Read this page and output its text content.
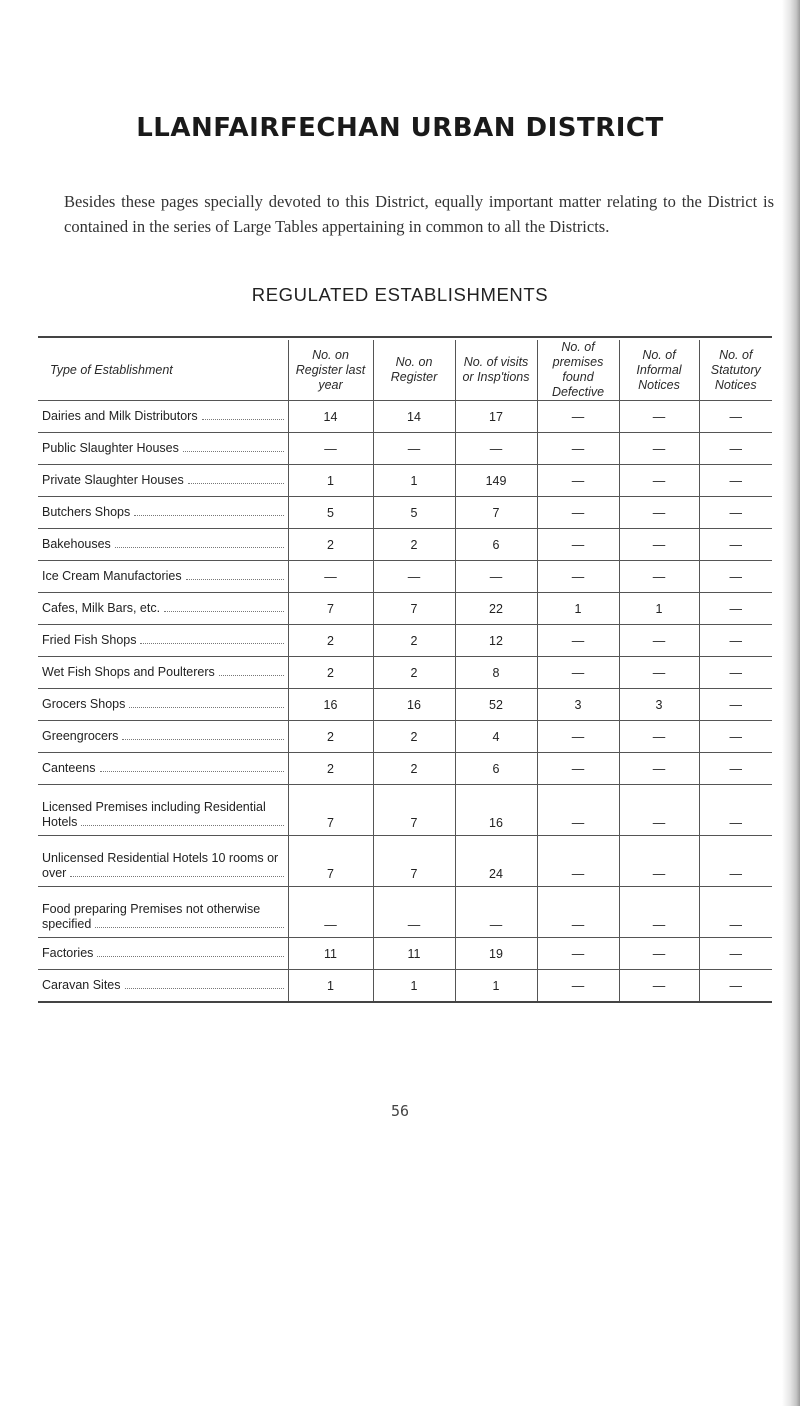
LLANFAIRFECHAN URBAN DISTRICT

Besides these pages specially devoted to this District, equally important matter relating to the District is contained in the series of Large Tables appertaining in common to all the Districts.

REGULATED ESTABLISHMENTS
Type of Establishment	No. on Register last year	No. on Register	No. of visits or Insp'tions	No. of premises found Defective	No. of Informal Notices	No. of Statutory Notices
Dairies and Milk Distributors	14	14	17	—	—	—
Public Slaughter Houses	—	—	—	—	—	—
Private Slaughter Houses	1	1	149	—	—	—
Butchers Shops	5	5	7	—	—	—
Bakehouses	2	2	6	—	—	—
Ice Cream Manufactories	—	—	—	—	—	—
Cafes, Milk Bars, etc.	7	7	22	1	1	—
Fried Fish Shops	2	2	12	—	—	—
Wet Fish Shops and Poulterers	2	2	8	—	—	—
Grocers Shops	16	16	52	3	3	—
Greengrocers	2	2	4	—	—	—
Canteens	2	2	6	—	—	—
Licensed Premises including Residential Hotels	7	7	16	—	—	—
Unlicensed Residential Hotels 10 rooms or over	7	7	24	—	—	—
Food preparing Premises not otherwise specified	—	—	—	—	—	—
Factories	11	11	19	—	—	—
Caravan Sites	1	1	1	—	—	—
56
